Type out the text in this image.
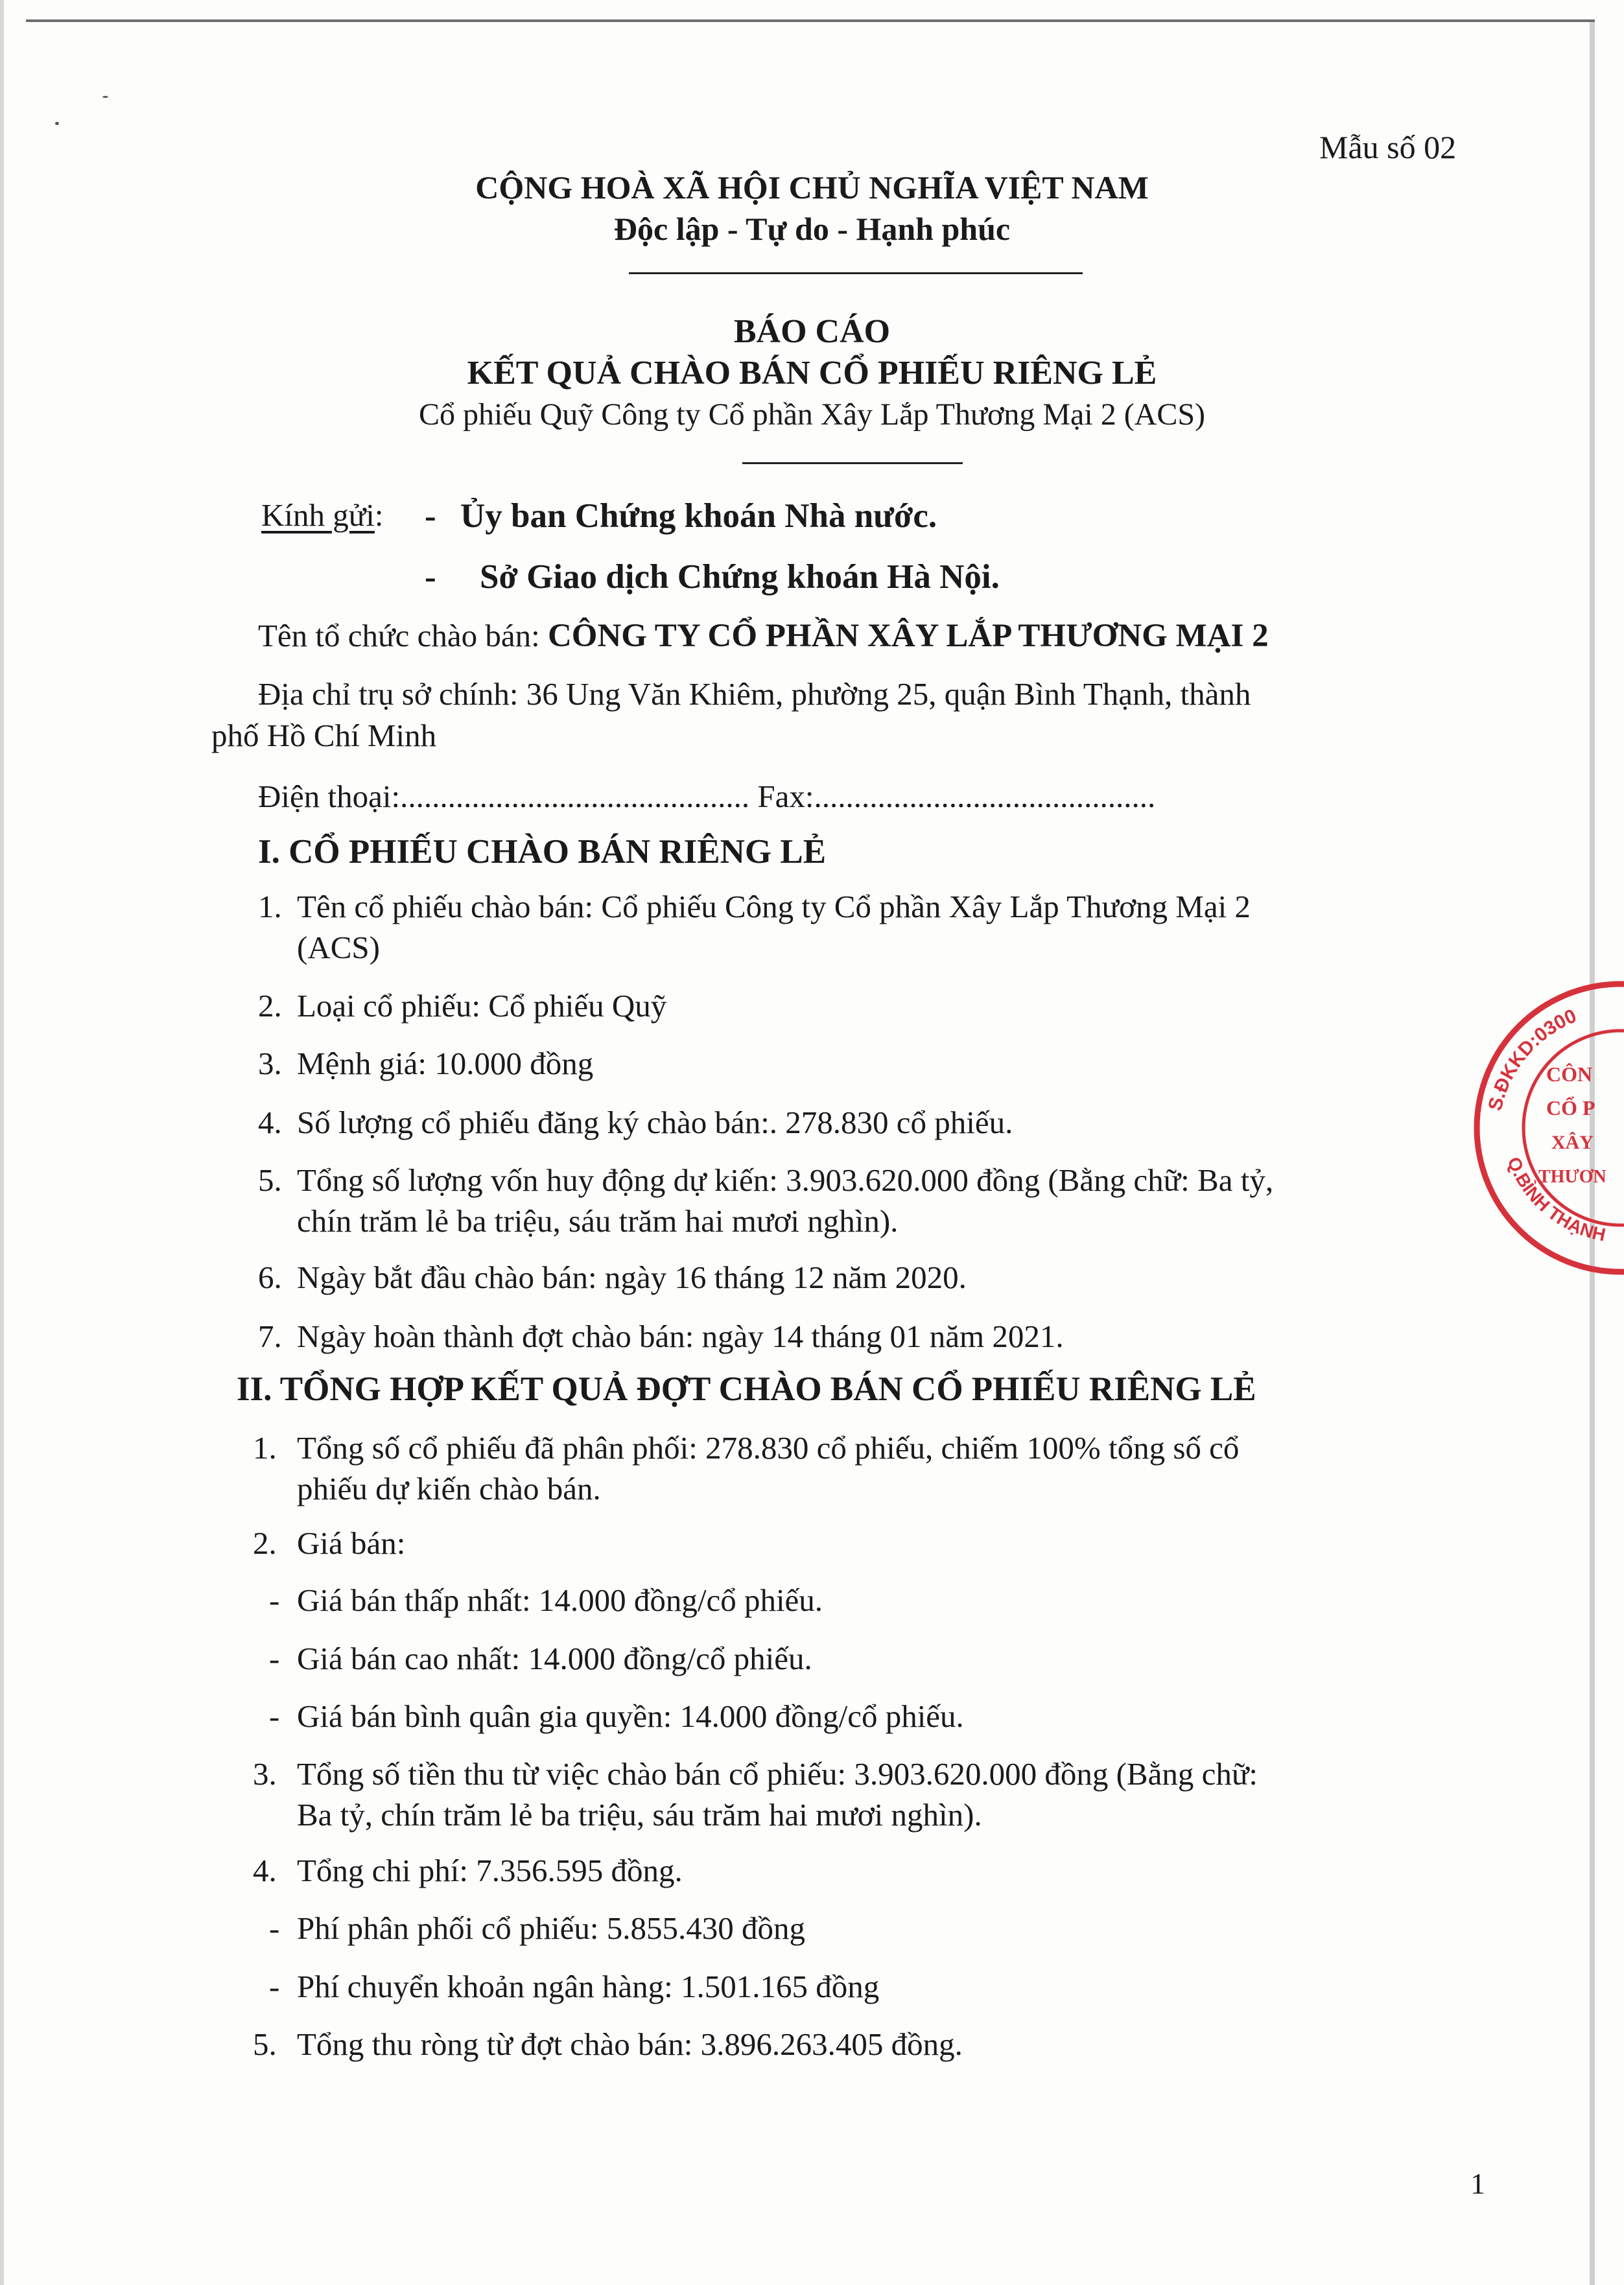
Mẫu số 02
CỘNG HOÀ XÃ HỘI CHỦ NGHĨA VIỆT NAM
Độc lập - Tự do - Hạnh phúc
BÁO CÁO
KẾT QUẢ CHÀO BÁN CỔ PHIẾU RIÊNG LẺ
Cổ phiếu Quỹ Công ty Cổ phần Xây Lắp Thương Mại 2 (ACS)
Kính gửi: - Ủy ban Chứng khoán Nhà nước.
- Sở Giao dịch Chứng khoán Hà Nội.
Tên tổ chức chào bán: CÔNG TY CỔ PHẦN XÂY LẮP THƯƠNG MẠI 2
Địa chỉ trụ sở chính: 36 Ung Văn Khiêm, phường 25, quận Bình Thạnh, thành
phố Hồ Chí Minh
Điện thoại:............................................ Fax:...........................................
I. CỔ PHIẾU CHÀO BÁN RIÊNG LẺ
1. Tên cổ phiếu chào bán: Cổ phiếu Công ty Cổ phần Xây Lắp Thương Mại 2
(ACS)
2. Loại cổ phiếu: Cổ phiếu Quỹ
3. Mệnh giá: 10.000 đồng
4. Số lượng cổ phiếu đăng ký chào bán:. 278.830 cổ phiếu.
5. Tổng số lượng vốn huy động dự kiến: 3.903.620.000 đồng (Bằng chữ: Ba tỷ,
chín trăm lẻ ba triệu, sáu trăm hai mươi nghìn).
6. Ngày bắt đầu chào bán: ngày 16 tháng 12 năm 2020.
7. Ngày hoàn thành đợt chào bán: ngày 14 tháng 01 năm 2021.
II. TỔNG HỢP KẾT QUẢ ĐỢT CHÀO BÁN CỔ PHIẾU RIÊNG LẺ
1. Tổng số cổ phiếu đã phân phối: 278.830 cổ phiếu, chiếm 100% tổng số cổ
phiếu dự kiến chào bán.
2. Giá bán:
- Giá bán thấp nhất: 14.000 đồng/cổ phiếu.
- Giá bán cao nhất: 14.000 đồng/cổ phiếu.
- Giá bán bình quân gia quyền: 14.000 đồng/cổ phiếu.
3. Tổng số tiền thu từ việc chào bán cổ phiếu: 3.903.620.000 đồng (Bằng chữ:
Ba tỷ, chín trăm lẻ ba triệu, sáu trăm hai mươi nghìn).
4. Tổng chi phí: 7.356.595 đồng.
- Phí phân phối cổ phiếu: 5.855.430 đồng
- Phí chuyển khoản ngân hàng: 1.501.165 đồng
5. Tổng thu ròng từ đợt chào bán: 3.896.263.405 đồng.
S.ĐKKD:0300
Q.BÌNH THẠNH
CÔN
CỔ P
XÂY
THƯƠN
1
